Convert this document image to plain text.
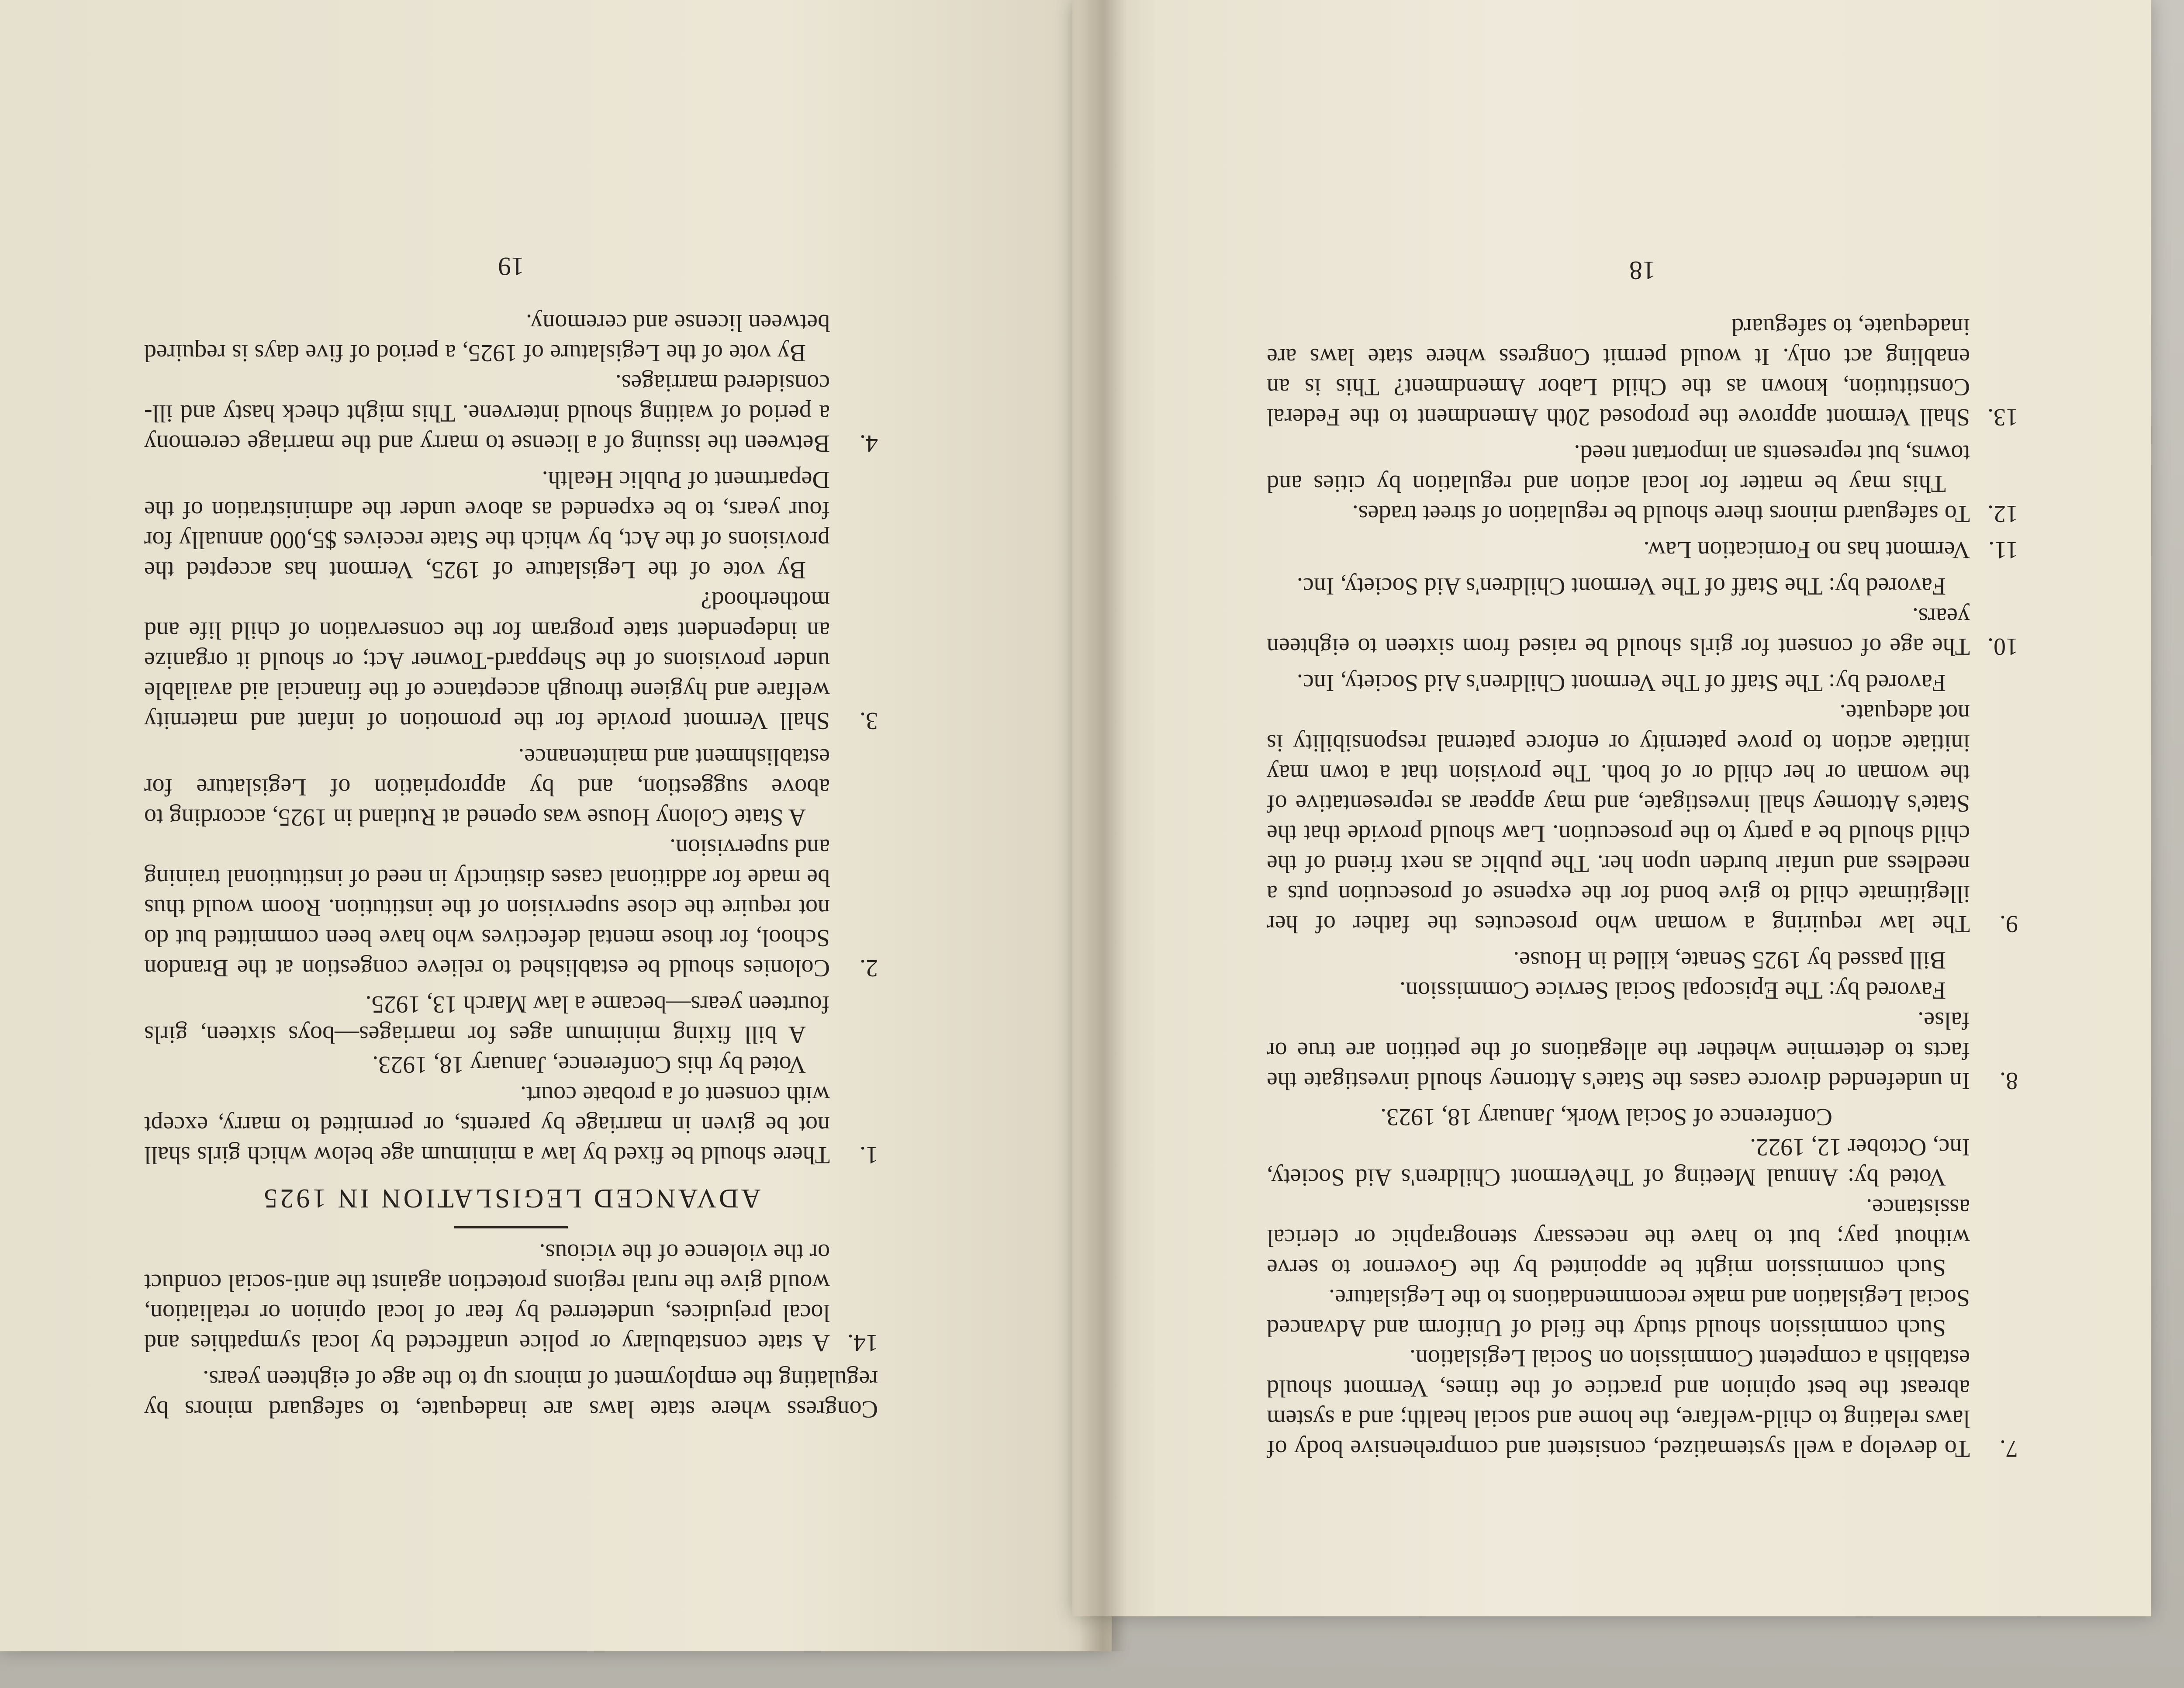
Congress where state laws are inadequate, to safeguard minors by regulating the employment of minors up to the age of eighteen years.

14.

A state constabulary or police unaffected by local sympathies and local prejudices, undeterred by fear of local opinion or retaliation, would give the rural regions protection against the anti-social conduct or the violence of the vicious.

ADVANCED LEGISLATION IN 1925
1.

There should be fixed by law a minimum age below which girls shall not be given in marriage by parents, or permitted to marry, except with consent of a probate court.

Voted by this Conference, January 18, 1923.

A bill fixing minimum ages for marriages—boys sixteen, girls fourteen years—became a law March 13, 1925.

2.

Colonies should be established to relieve congestion at the Brandon School, for those mental defectives who have been committed but do not require the close supervision of the institution. Room would thus be made for additional cases distinctly in need of institutional training and supervision.

A State Colony House was opened at Rutland in 1925, according to above suggestion, and by appropriation of Legislature for establishment and maintenance.

3.

Shall Vermont provide for the promotion of infant and maternity welfare and hygiene through acceptance of the financial aid available under provisions of the Sheppard-Towner Act; or should it organize an independent state program for the conservation of child life and motherhood?

By vote of the Legislature of 1925, Vermont has accepted the provisions of the Act, by which the State receives $5,000 annually for four years, to be expended as above under the administration of the Department of Public Health.

4.

Between the issuing of a license to marry and the marriage ceremony a period of waiting should intervene. This might check hasty and ill-considered marriages.

By vote of the Legislature of 1925, a period of five days is required between license and ceremony.

19
7.

To develop a well systematized, consistent and comprehensive body of laws relating to child-welfare, the home and social health; and a system abreast the best opinion and practice of the times, Vermont should establish a competent Commission on Social Legislation.

Such commission should study the field of Uniform and Advanced Social Legislation and make recommendations to the Legislature.

Such commission might be appointed by the Governor to serve without pay; but to have the necessary stenographic or clerical assistance.

Voted by: Annual Meeting of TheVermont Children's Aid Society, Inc, October 12, 1922.

Conference of Social Work, January 18, 1923.

8.

In undefended divorce cases the State's Attorney should investigate the facts to determine whether the allegations of the petition are true or false.

Favored by: The Episcopal Social Service Commission.

Bill passed by 1925 Senate, killed in House.

9.

The law requiring a woman who prosecutes the father of her illegitimate child to give bond for the expense of prosecution puts a needless and unfair burden upon her. The public as next friend of the child should be a party to the prosecution. Law should provide that the State's Attorney shall investigate, and may appear as representative of the woman or her child or of both. The provision that a town may initiate action to prove paternity or enforce paternal responsibility is not adequate.

Favored by: The Staff of The Vermont Children's Aid Society, Inc.

10.

The age of consent for girls should be raised from sixteen to eighteen years.

Favored by: The Staff of The Vermont Children's Aid Society, Inc.

11.

Vermont has no Fornication Law.

12.

To safeguard minors there should be regulation of street trades.

This may be matter for local action and regulation by cities and towns, but represents an important need.

13.

Shall Vermont approve the proposed 20th Amendment to the Federal Constitution, known as the Child Labor Amendment? This is an enabling act only. It would permit Congress where state laws are inadequate, to safeguard

18
